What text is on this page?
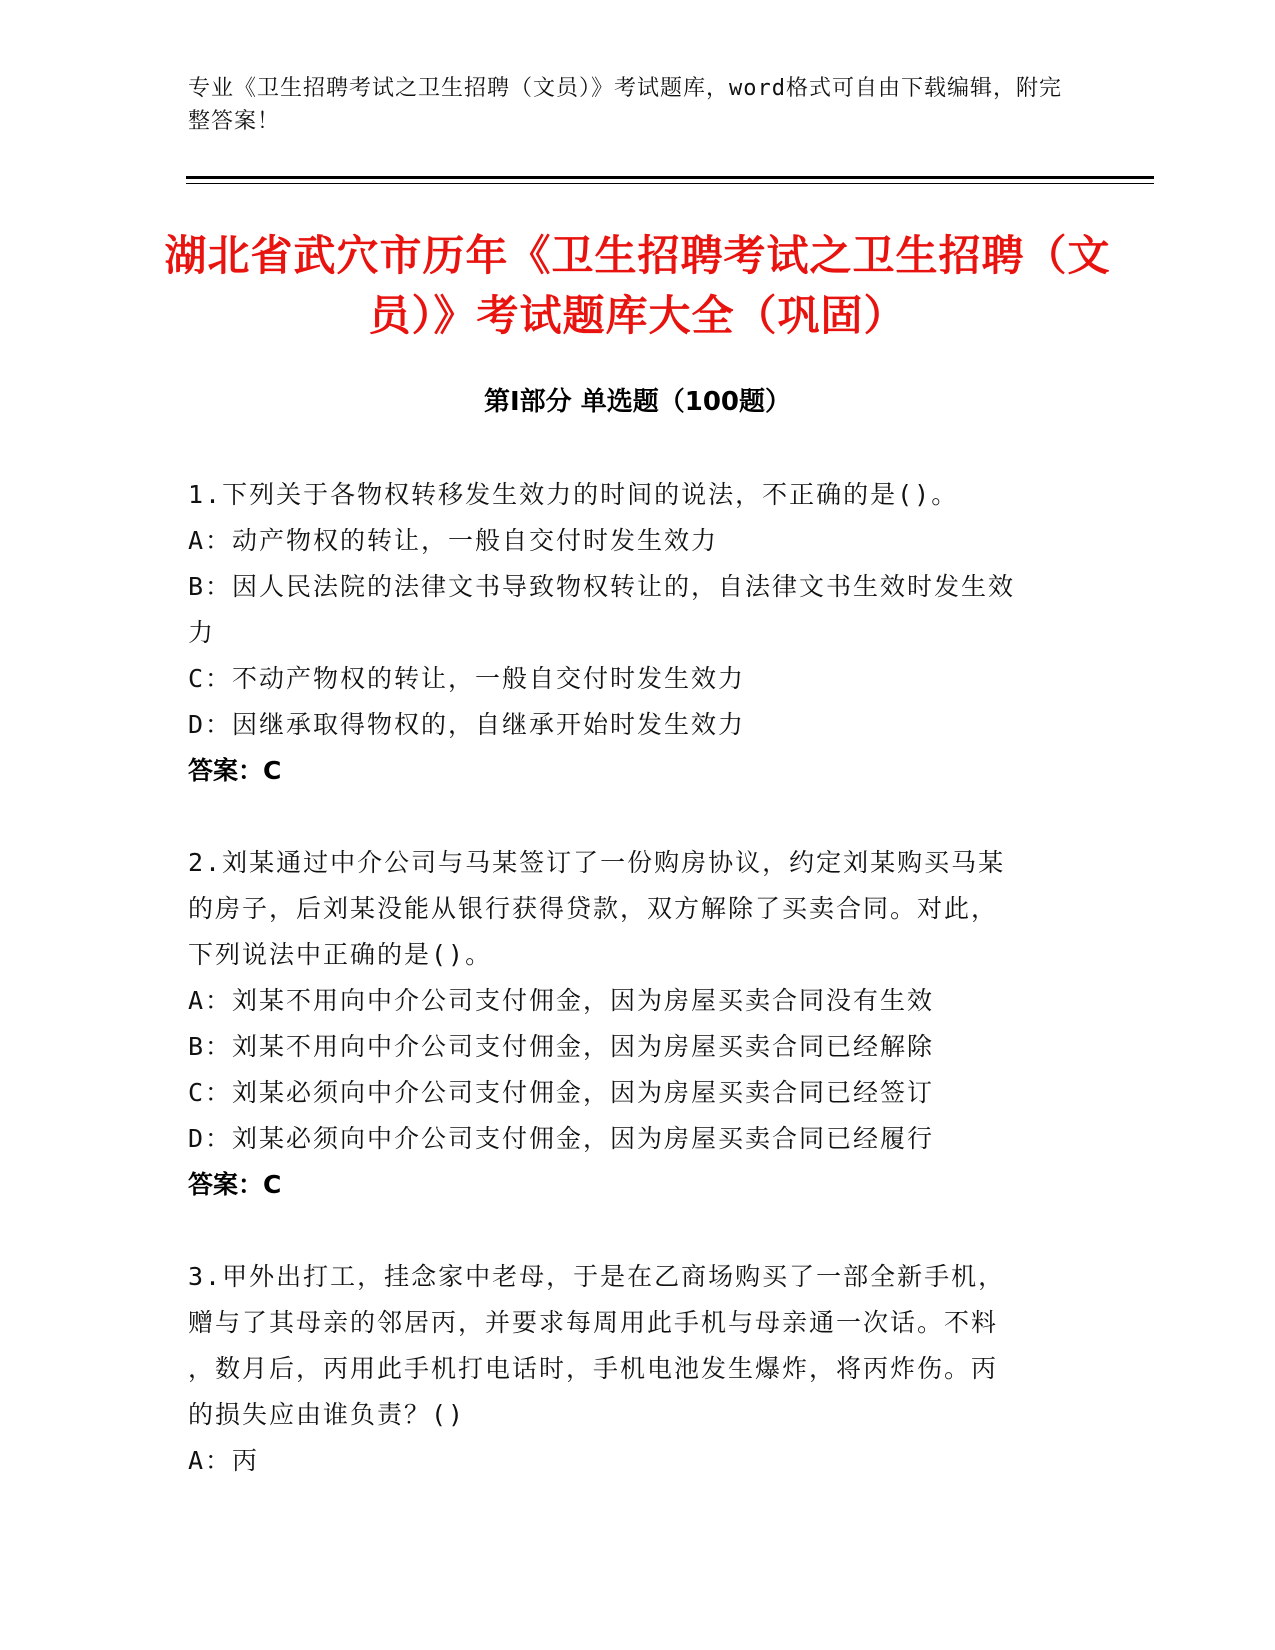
专业《卫生招聘考试之卫生招聘（文员）》考试题库，word格式可自由下载编辑，附完整答案！
湖北省武穴市历年《卫生招聘考试之卫生招聘（文员）》考试题库大全（巩固）
第Ⅰ部分 单选题（100题）

1.下列关于各物权转移发生效力的时间的说法，不正确的是()。

A：动产物权的转让，一般自交付时发生效力

B：因人民法院的法律文书导致物权转让的，自法律文书生效时发生效

力

C：不动产物权的转让，一般自交付时发生效力

D：因继承取得物权的，自继承开始时发生效力

答案：C

2.刘某通过中介公司与马某签订了一份购房协议，约定刘某购买马某

的房子，后刘某没能从银行获得贷款，双方解除了买卖合同。对此，

下列说法中正确的是()。

A：刘某不用向中介公司支付佣金，因为房屋买卖合同没有生效

B：刘某不用向中介公司支付佣金，因为房屋买卖合同已经解除

C：刘某必须向中介公司支付佣金，因为房屋买卖合同已经签订

D：刘某必须向中介公司支付佣金，因为房屋买卖合同已经履行

答案：C

3.甲外出打工，挂念家中老母，于是在乙商场购买了一部全新手机，

赠与了其母亲的邻居丙，并要求每周用此手机与母亲通一次话。不料

，数月后，丙用此手机打电话时，手机电池发生爆炸，将丙炸伤。丙

的损失应由谁负责？()

A：丙
